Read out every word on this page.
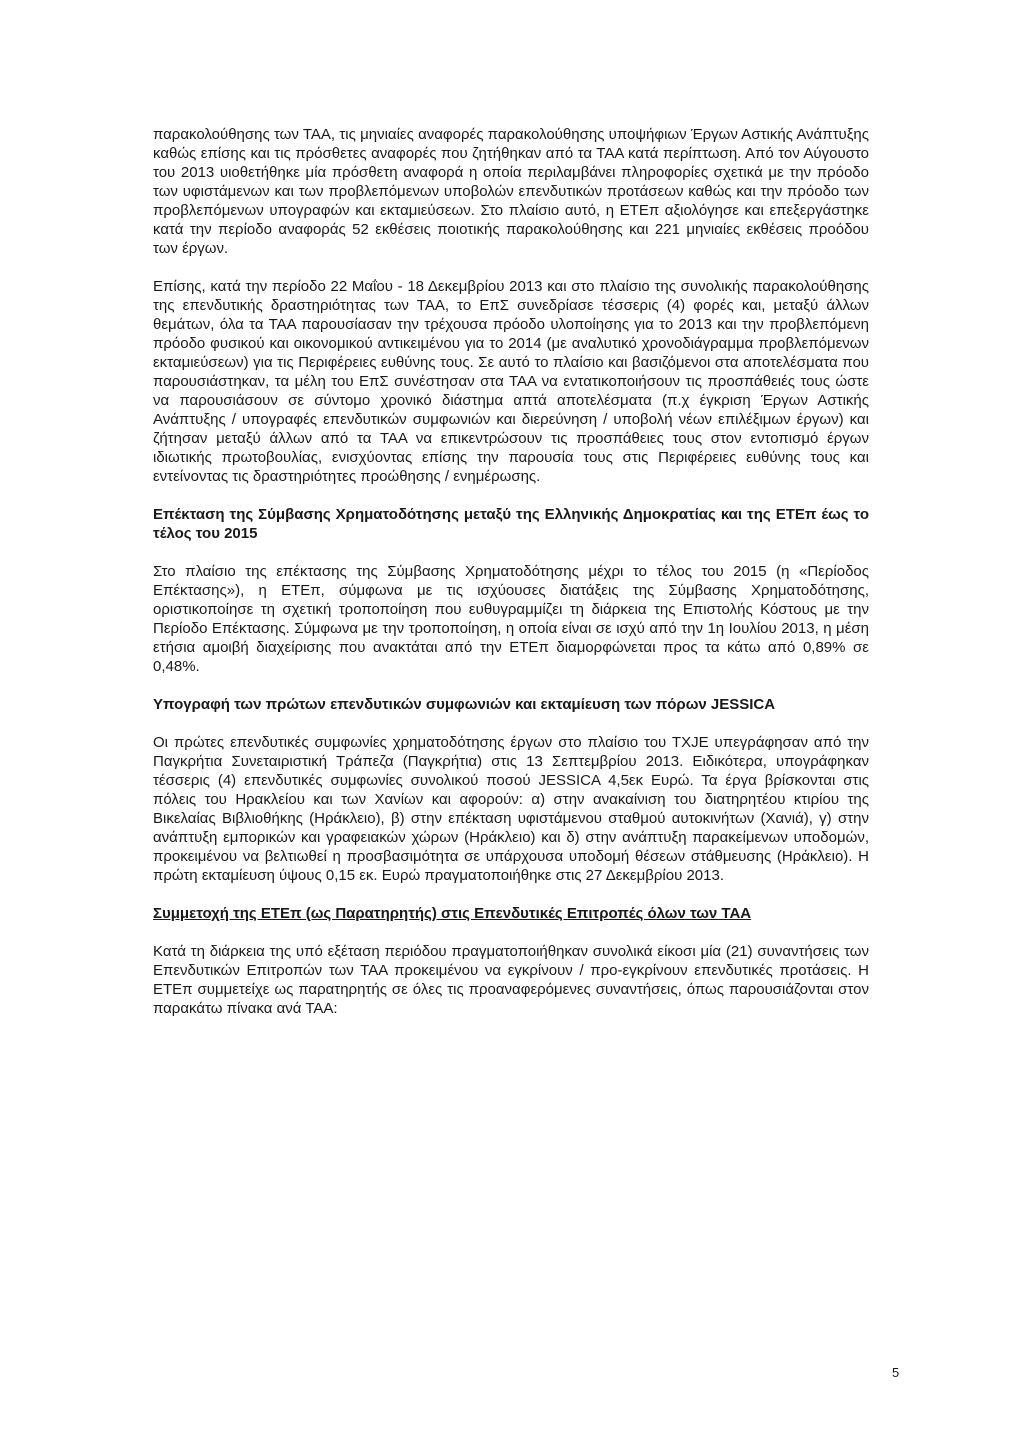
παρακολούθησης των ΤΑΑ, τις μηνιαίες αναφορές παρακολούθησης υποψήφιων Έργων Αστικής Ανάπτυξης καθώς επίσης και τις πρόσθετες αναφορές που ζητήθηκαν από τα ΤΑΑ κατά περίπτωση. Από τον Αύγουστο του 2013 υιοθετήθηκε μία πρόσθετη αναφορά η οποία περιλαμβάνει πληροφορίες σχετικά με την πρόοδο των υφιστάμενων και των προβλεπόμενων υποβολών επενδυτικών προτάσεων καθώς και την πρόοδο των προβλεπόμενων υπογραφών και εκταμιεύσεων. Στο πλαίσιο αυτό, η ΕΤΕπ αξιολόγησε και επεξεργάστηκε κατά την περίοδο αναφοράς 52 εκθέσεις ποιοτικής παρακολούθησης και 221 μηνιαίες εκθέσεις προόδου των έργων.

Επίσης, κατά την περίοδο 22 Μαΐου - 18 Δεκεμβρίου 2013 και στο πλαίσιο της συνολικής παρακολούθησης της επενδυτικής δραστηριότητας των ΤΑΑ, το ΕπΣ συνεδρίασε τέσσερις (4) φορές και, μεταξύ άλλων θεμάτων, όλα τα ΤΑΑ παρουσίασαν την τρέχουσα πρόοδο υλοποίησης για το 2013 και την προβλεπόμενη πρόοδο φυσικού και οικονομικού αντικειμένου για το 2014 (με αναλυτικό χρονοδιάγραμμα προβλεπόμενων εκταμιεύσεων) για τις Περιφέρειες ευθύνης τους. Σε αυτό το πλαίσιο και βασιζόμενοι στα αποτελέσματα που παρουσιάστηκαν, τα μέλη του ΕπΣ συνέστησαν στα ΤΑΑ να εντατικοποιήσουν τις προσπάθειές τους ώστε να παρουσιάσουν σε σύντομο χρονικό διάστημα απτά αποτελέσματα (π.χ έγκριση Έργων Αστικής Ανάπτυξης / υπογραφές επενδυτικών συμφωνιών και διερεύνηση / υποβολή νέων επιλέξιμων έργων) και ζήτησαν μεταξύ άλλων από τα ΤΑΑ να επικεντρώσουν τις προσπάθειες τους στον εντοπισμό έργων ιδιωτικής πρωτοβουλίας, ενισχύοντας επίσης την παρουσία τους στις Περιφέρειες ευθύνης τους και εντείνοντας τις δραστηριότητες προώθησης / ενημέρωσης.

Επέκταση της Σύμβασης Χρηματοδότησης μεταξύ της Ελληνικής Δημοκρατίας και της ΕΤΕπ έως το τέλος του 2015

Στο πλαίσιο της επέκτασης της Σύμβασης Χρηματοδότησης μέχρι το τέλος του 2015 (η «Περίοδος Επέκτασης»), η ΕΤΕπ, σύμφωνα με τις ισχύουσες διατάξεις της Σύμβασης Χρηματοδότησης, οριστικοποίησε τη σχετική τροποποίηση που ευθυγραμμίζει τη διάρκεια της Επιστολής Κόστους με την Περίοδο Επέκτασης. Σύμφωνα με την τροποποίηση, η οποία είναι σε ισχύ από την 1η Ιουλίου 2013, η μέση ετήσια αμοιβή διαχείρισης που ανακτάται από την ΕΤΕπ διαμορφώνεται προς τα κάτω από 0,89% σε 0,48%.

Υπογραφή των πρώτων επενδυτικών συμφωνιών και εκταμίευση των πόρων JESSICA

Οι πρώτες επενδυτικές συμφωνίες χρηματοδότησης έργων στο πλαίσιο του ΤΧJE υπεγράφησαν από την Παγκρήτια Συνεταιριστική Τράπεζα (Παγκρήτια) στις 13 Σεπτεμβρίου 2013. Ειδικότερα, υπογράφηκαν τέσσερις (4) επενδυτικές συμφωνίες συνολικού ποσού JESSICA 4,5εκ Ευρώ. Τα έργα βρίσκονται στις πόλεις του Ηρακλείου και των Χανίων και αφορούν: α) στην ανακαίνιση του διατηρητέου κτιρίου της Βικελαίας Βιβλιοθήκης (Ηράκλειο), β) στην επέκταση υφιστάμενου σταθμού αυτοκινήτων (Χανιά), γ) στην ανάπτυξη εμπορικών και γραφειακών χώρων (Ηράκλειο) και δ) στην ανάπτυξη παρακείμενων υποδομών, προκειμένου να βελτιωθεί η προσβασιμότητα σε υπάρχουσα υποδομή θέσεων στάθμευσης (Ηράκλειο). Η πρώτη εκταμίευση ύψους 0,15 εκ. Ευρώ πραγματοποιήθηκε στις 27 Δεκεμβρίου 2013.

Συμμετοχή της ΕΤΕπ (ως Παρατηρητής) στις Επενδυτικές Επιτροπές όλων των ΤΑΑ

Κατά τη διάρκεια της υπό εξέταση περιόδου πραγματοποιήθηκαν συνολικά είκοσι μία (21) συναντήσεις των Επενδυτικών Επιτροπών των ΤΑΑ προκειμένου να εγκρίνουν / προ-εγκρίνουν επενδυτικές προτάσεις. Η ΕΤΕπ συμμετείχε ως παρατηρητής σε όλες τις προαναφερόμενες συναντήσεις, όπως παρουσιάζονται στον παρακάτω πίνακα ανά ΤΑΑ:

5
